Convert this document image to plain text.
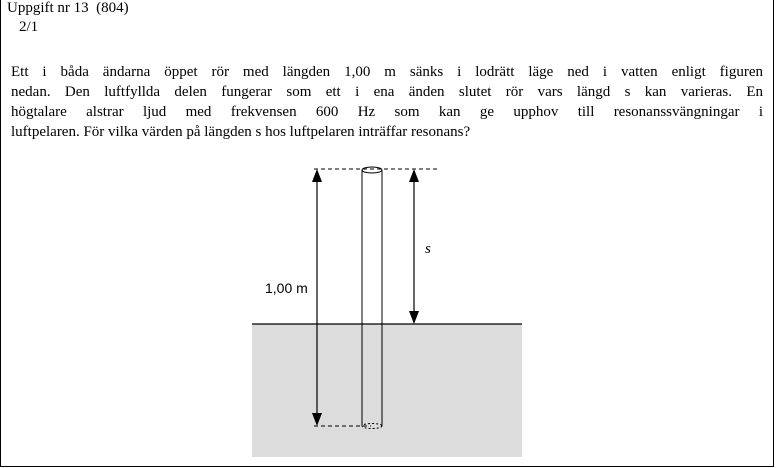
Uppgift nr 13 (804)
2/1
Ett i båda ändarna öppet rör med längden 1,00 m sänks i lodrätt läge ned i vatten enligt figuren
nedan. Den luftfyllda delen fungerar som ett i ena änden slutet rör vars längd s kan varieras. En
högtalare alstrar ljud med frekvensen 600 Hz som kan ge upphov till resonanssvängningar i
luftpelaren. För vilka värden på längden s hos luftpelaren inträffar resonans?
1,00 m
s
